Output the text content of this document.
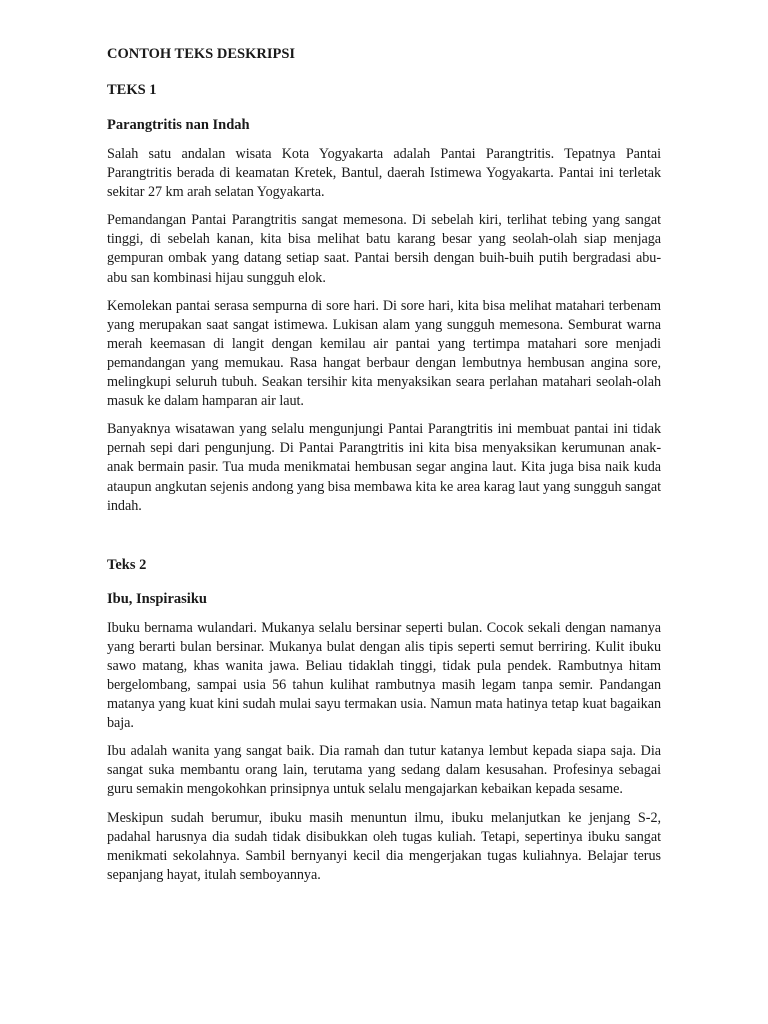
CONTOH TEKS DESKRIPSI
TEKS 1
Parangtritis nan Indah

Salah satu andalan wisata Kota Yogyakarta adalah Pantai Parangtritis. Tepatnya Pantai Parangtritis berada di keamatan Kretek, Bantul, daerah Istimewa Yogyakarta. Pantai ini terletak sekitar 27 km arah selatan Yogyakarta.

Pemandangan Pantai Parangtritis sangat memesona. Di sebelah kiri, terlihat tebing yang sangat tinggi, di sebelah kanan, kita bisa melihat batu karang besar yang seolah-olah siap menjaga gempuran ombak yang datang setiap saat. Pantai bersih dengan buih-buih putih bergradasi abu-abu san kombinasi hijau sungguh elok.

Kemolekan pantai serasa sempurna di sore hari. Di sore hari, kita bisa melihat matahari terbenam yang merupakan saat sangat istimewa. Lukisan alam yang sungguh memesona. Semburat warna merah keemasan di langit dengan kemilau air pantai yang tertimpa matahari sore menjadi pemandangan yang memukau. Rasa hangat berbaur dengan lembutnya hembusan angina sore, melingkupi seluruh tubuh. Seakan tersihir kita menyaksikan seara perlahan matahari seolah-olah masuk ke dalam hamparan air laut.

Banyaknya wisatawan yang selalu mengunjungi Pantai Parangtritis ini membuat pantai ini tidak pernah sepi dari pengunjung. Di Pantai Parangtritis ini kita bisa menyaksikan kerumunan anak-anak bermain pasir. Tua muda menikmatai hembusan segar angina laut. Kita juga bisa naik kuda ataupun angkutan sejenis andong yang bisa membawa kita ke area karag laut yang sungguh sangat indah.

Teks 2
Ibu, Inspirasiku

Ibuku bernama wulandari. Mukanya selalu bersinar seperti bulan. Cocok sekali dengan namanya yang berarti bulan bersinar. Mukanya bulat dengan alis tipis seperti semut berriring. Kulit ibuku sawo matang, khas wanita jawa. Beliau tidaklah tinggi, tidak pula pendek. Rambutnya hitam bergelombang, sampai usia 56 tahun kulihat rambutnya masih legam tanpa semir. Pandangan matanya yang kuat kini sudah mulai sayu termakan usia. Namun mata hatinya tetap kuat bagaikan baja.

Ibu adalah wanita yang sangat baik. Dia ramah dan tutur katanya lembut kepada siapa saja. Dia sangat suka membantu orang lain, terutama yang sedang dalam kesusahan. Profesinya sebagai guru semakin mengokohkan prinsipnya untuk selalu mengajarkan kebaikan kepada sesame.

Meskipun sudah berumur, ibuku masih menuntun ilmu, ibuku melanjutkan ke jenjang S-2, padahal harusnya dia sudah tidak disibukkan oleh tugas kuliah. Tetapi, sepertinya ibuku sangat menikmati sekolahnya. Sambil bernyanyi kecil dia mengerjakan tugas kuliahnya. Belajar terus sepanjang hayat, itulah semboyannya.
